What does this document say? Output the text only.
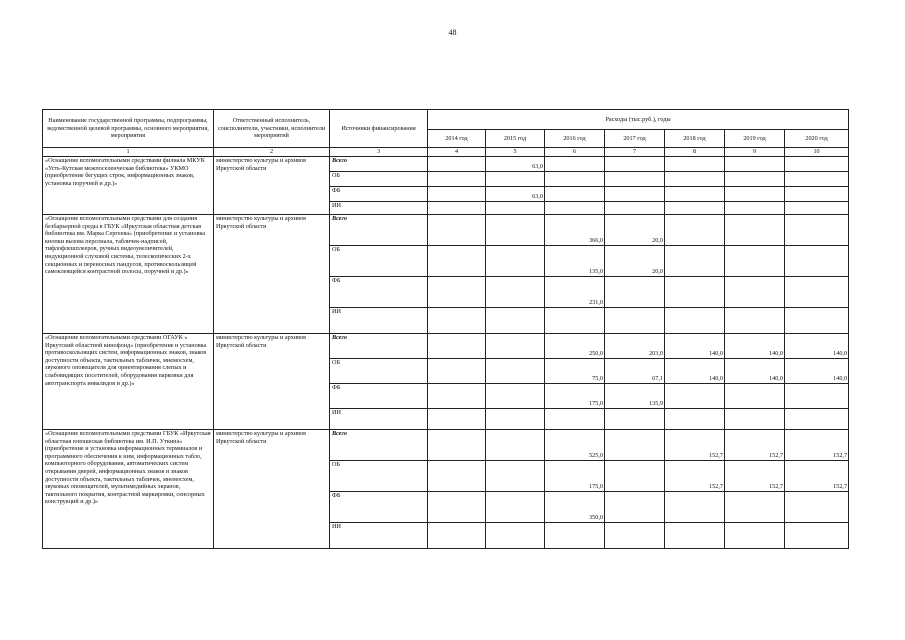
48
Наименование государственной программы, подпрограммы, ведомственной целевой программы, основного мероприятия, мероприятия	Ответственный исполнитель, соисполнители, участники, исполнители мероприятий	Источники финансирования	Расходы (тыс.руб.), годы						
			2014 год	2015 год	2016 год	2017 год	2018 год	2019 год	2020 год
1	2	3	4	5	6	7	8	9	10
«Оснащение вспомогательными средствами филиала МКУК «Усть-Кутская межпоселенческая библиотека» УКМО (приобретение бегущих строк, информационных знаков, установка поручней и др.)»	министерство культуры и архивов Иркутской области	Всего		63,0					
		ОБ							
		ФБ		63,0					
		ИИ							
«Оснащение вспомогательными средствами для создания безбарьерной среды в ГБУК «Иркутская областная детская библиотека им. Марка Сергеева» (приобретение и установка кнопки вызова персонала, табличек-надписей, тифлофлешплееров, ручных видеоувеличителей, индукционной слуховой системы, телескопических 2-х секционных и переносных пандусов, противоскользящей самоклеящейся контрастной полосы, поручней и др.)»	министерство культуры и архивов Иркутской области	Всего			366,0	20,0			
		ОБ			135,0	20,0			
		ФБ			231,0				
		ИИ							
«Оснащение вспомогательными средствами ОГАУК « Иркутский областной кинофонд» (приобретение и установка противоскользящих систем, информационных знаков, знаков доступности объекта, тактильных табличек, мнемосхем, звукового оповещателя для ориентирования слепых и слабовидящих посетителей, оборудования парковки для автотранспорта инвалидов и др.)»	министерство культуры и архивов Иркутской области	Всего			250,0	203,0	140,0	140,0	140,0
		ОБ			75,0	67,1	140,0	140,0	140,0
		ФБ			175,0	135,9			
		ИИ							
«Оснащение вспомогательными средствами ГБУК «Иркутская областная юношеская библиотека им. И.П. Уткина» (приобретение и установка информационных терминалов и программного обеспечения к ним, информационных табло, компьютерного оборудования, автоматических систем открывания дверей, информационных знаков и знаков доступности объекта, тактильных табличек, мнемосхем, звуковых оповещателей, мультимедийных экранов, тактильного покрытия, контрастной маркировки, сенсорных конструкций и др.)»	министерство культуры и архивов Иркутской области	Всего			525,0		152,7	152,7	152,7
		ОБ			175,0		152,7	152,7	152,7
		ФБ			350,0				
		ИИ							
